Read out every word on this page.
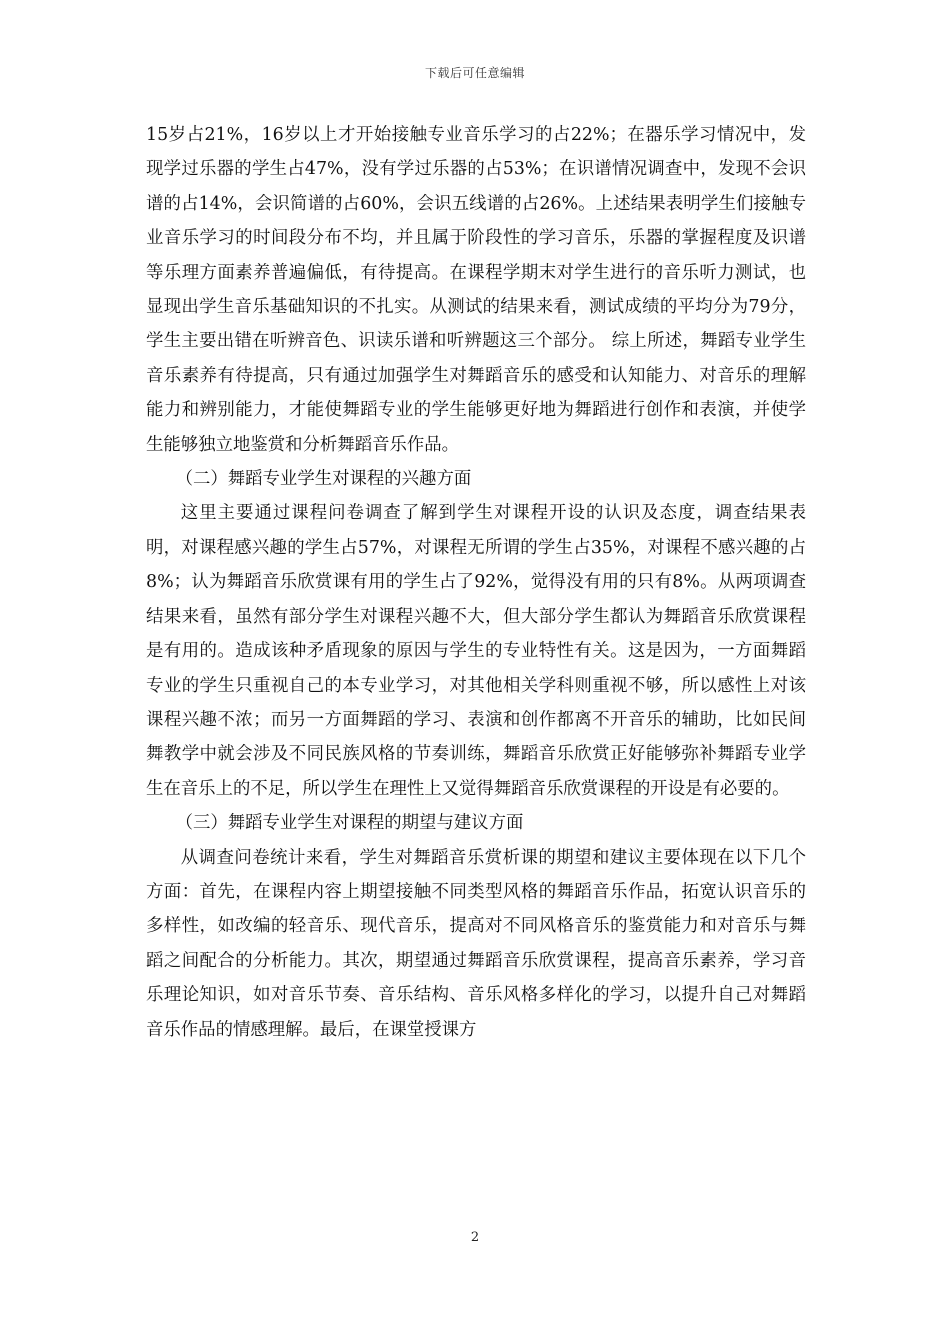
下载后可任意编辑

15岁占21%，16岁以上才开始接触专业音乐学习的占22%；在器乐学习情况中，发现学过乐器的学生占47%，没有学过乐器的占53%；在识谱情况调查中，发现不会识谱的占14%，会识简谱的占60%，会识五线谱的占26%。上述结果表明学生们接触专业音乐学习的时间段分布不均，并且属于阶段性的学习音乐，乐器的掌握程度及识谱等乐理方面素养普遍偏低，有待提高。在课程学期末对学生进行的音乐听力测试，也显现出学生音乐基础知识的不扎实。从测试的结果来看，测试成绩的平均分为79分，学生主要出错在听辨音色、识读乐谱和听辨题这三个部分。 综上所述，舞蹈专业学生音乐素养有待提高，只有通过加强学生对舞蹈音乐的感受和认知能力、对音乐的理解能力和辨别能力，才能使舞蹈专业的学生能够更好地为舞蹈进行创作和表演，并使学生能够独立地鉴赏和分析舞蹈音乐作品。

（二）舞蹈专业学生对课程的兴趣方面

这里主要通过课程问卷调查了解到学生对课程开设的认识及态度，调查结果表明，对课程感兴趣的学生占57%，对课程无所谓的学生占35%，对课程不感兴趣的占8%；认为舞蹈音乐欣赏课有用的学生占了92%，觉得没有用的只有8%。从两项调查结果来看，虽然有部分学生对课程兴趣不大，但大部分学生都认为舞蹈音乐欣赏课程是有用的。造成该种矛盾现象的原因与学生的专业特性有关。这是因为，一方面舞蹈专业的学生只重视自己的本专业学习，对其他相关学科则重视不够，所以感性上对该课程兴趣不浓；而另一方面舞蹈的学习、表演和创作都离不开音乐的辅助，比如民间舞教学中就会涉及不同民族风格的节奏训练，舞蹈音乐欣赏正好能够弥补舞蹈专业学生在音乐上的不足，所以学生在理性上又觉得舞蹈音乐欣赏课程的开设是有必要的。

（三）舞蹈专业学生对课程的期望与建议方面

从调查问卷统计来看，学生对舞蹈音乐赏析课的期望和建议主要体现在以下几个方面：首先，在课程内容上期望接触不同类型风格的舞蹈音乐作品，拓宽认识音乐的多样性，如改编的轻音乐、现代音乐，提高对不同风格音乐的鉴赏能力和对音乐与舞蹈之间配合的分析能力。其次，期望通过舞蹈音乐欣赏课程，提高音乐素养，学习音乐理论知识，如对音乐节奏、音乐结构、音乐风格多样化的学习，以提升自己对舞蹈音乐作品的情感理解。最后，在课堂授课方

2
